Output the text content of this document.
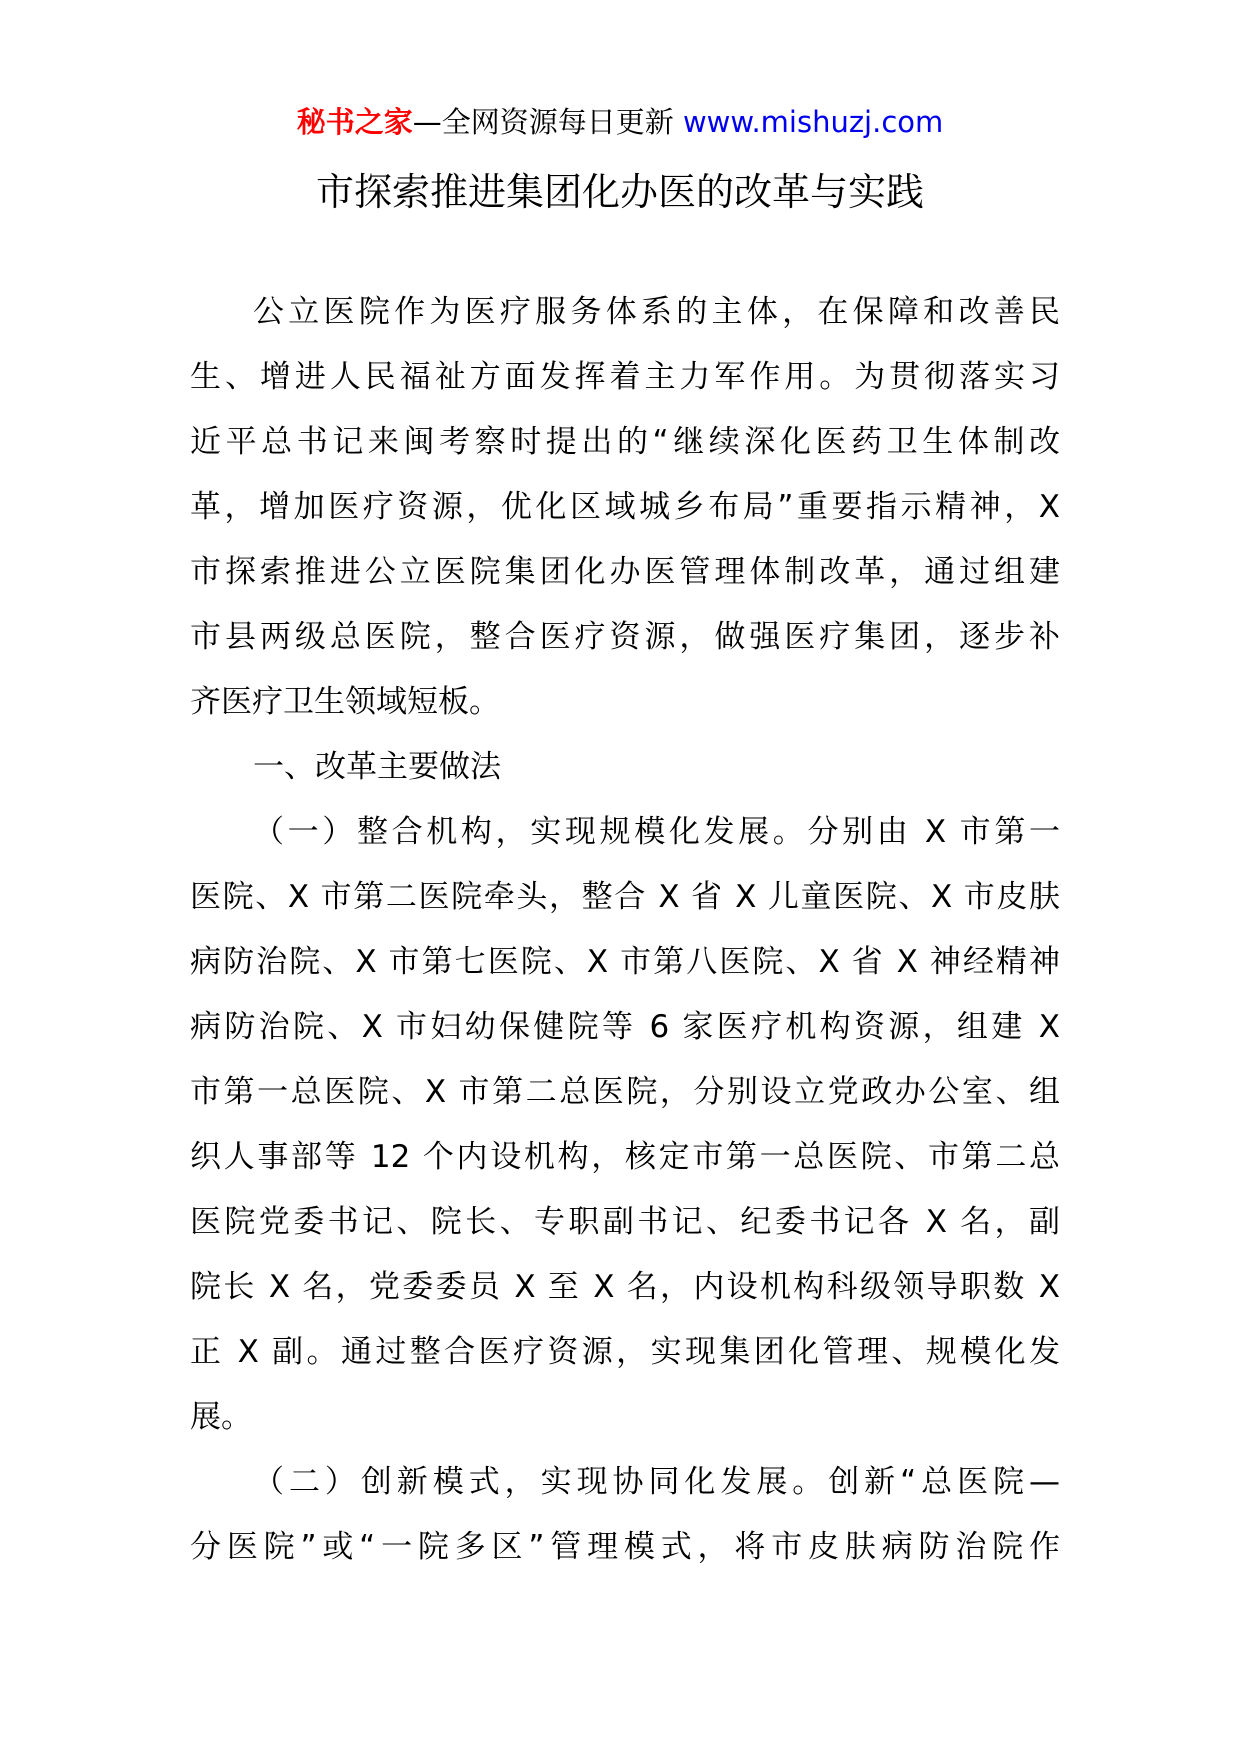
秘书之家—全网资源每日更新 www.mishuzj.com
市探索推进集团化办医的改革与实践
公立医院作为医疗服务体系的主体，在保障和改善民
生、增进人民福祉方面发挥着主力军作用。为贯彻落实习
近平总书记来闽考察时提出的“继续深化医药卫生体制改
革，增加医疗资源，优化区域城乡布局”重要指示精神，X
市探索推进公立医院集团化办医管理体制改革，通过组建
市县两级总医院，整合医疗资源，做强医疗集团，逐步补
齐医疗卫生领域短板。
一、改革主要做法
（一）整合机构，实现规模化发展。分别由 X 市第一
医院、X 市第二医院牵头，整合 X 省 X 儿童医院、X 市皮肤
病防治院、X 市第七医院、X 市第八医院、X 省 X 神经精神
病防治院、X 市妇幼保健院等 6 家医疗机构资源，组建 X
市第一总医院、X 市第二总医院，分别设立党政办公室、组
织人事部等 12 个内设机构，核定市第一总医院、市第二总
医院党委书记、院长、专职副书记、纪委书记各 X 名，副
院长 X 名，党委委员 X 至 X 名，内设机构科级领导职数 X
正 X 副。通过整合医疗资源，实现集团化管理、规模化发
展。
（二）创新模式，实现协同化发展。创新“总医院—
分医院”或“一院多区”管理模式，将市皮肤病防治院作
